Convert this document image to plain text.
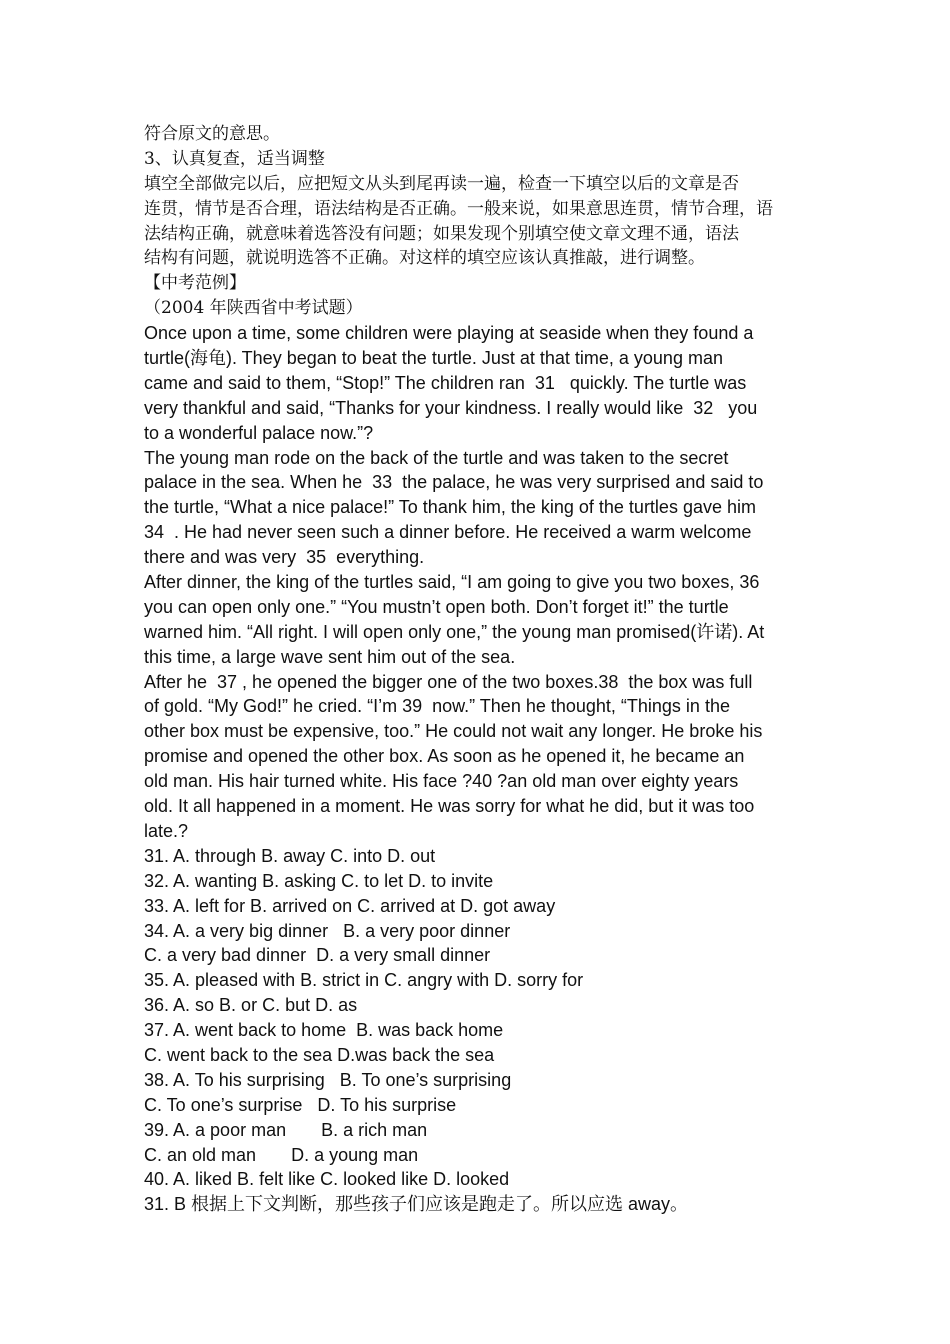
符合原文的意思。
3、认真复查，适当调整
填空全部做完以后，应把短文从头到尾再读一遍，检查一下填空以后的文章是否
连贯，情节是否合理，语法结构是否正确。一般来说，如果意思连贯，情节合理，语
法结构正确，就意味着选答没有问题；如果发现个别填空使文章文理不通，语法
结构有问题，就说明选答不正确。对这样的填空应该认真推敲，进行调整。
【中考范例】
（2004 年陕西省中考试题）
Once upon a time, some children were playing at seaside when they found a
turtle(海龟). They began to beat the turtle. Just at that time, a young man
came and said to them, “Stop!” The children ran  31   quickly. The turtle was
very thankful and said, “Thanks for your kindness. I really would like  32   you
to a wonderful palace now.”?
The young man rode on the back of the turtle and was taken to the secret
palace in the sea. When he  33  the palace, he was very surprised and said to
the turtle, “What a nice palace!” To thank him, the king of the turtles gave him
34  . He had never seen such a dinner before. He received a warm welcome
there and was very  35  everything.
After dinner, the king of the turtles said, “I am going to give you two boxes, 36
you can open only one.” “You mustn’t open both. Don’t forget it!” the turtle
warned him. “All right. I will open only one,” the young man promised(许诺). At
this time, a large wave sent him out of the sea.
After he  37 , he opened the bigger one of the two boxes.38  the box was full
of gold. “My God!” he cried. “I’m 39  now.” Then he thought, “Things in the
other box must be expensive, too.” He could not wait any longer. He broke his
promise and opened the other box. As soon as he opened it, he became an
old man. His hair turned white. His face ?40 ?an old man over eighty years
old. It all happened in a moment. He was sorry for what he did, but it was too
late.?
31. A. through B. away C. into D. out
32. A. wanting B. asking C. to let D. to invite
33. A. left for B. arrived on C. arrived at D. got away
34. A. a very big dinner   B. a very poor dinner
C. a very bad dinner  D. a very small dinner
35. A. pleased with B. strict in C. angry with D. sorry for
36. A. so B. or C. but D. as
37. A. went back to home  B. was back home
C. went back to the sea D.was back the sea
38. A. To his surprising   B. To one’s surprising
C. To one’s surprise   D. To his surprise
39. A. a poor man       B. a rich man
C. an old man       D. a young man
40. A. liked B. felt like C. looked like D. looked
31. B 根据上下文判断，那些孩子们应该是跑走了。所以应选 away。
